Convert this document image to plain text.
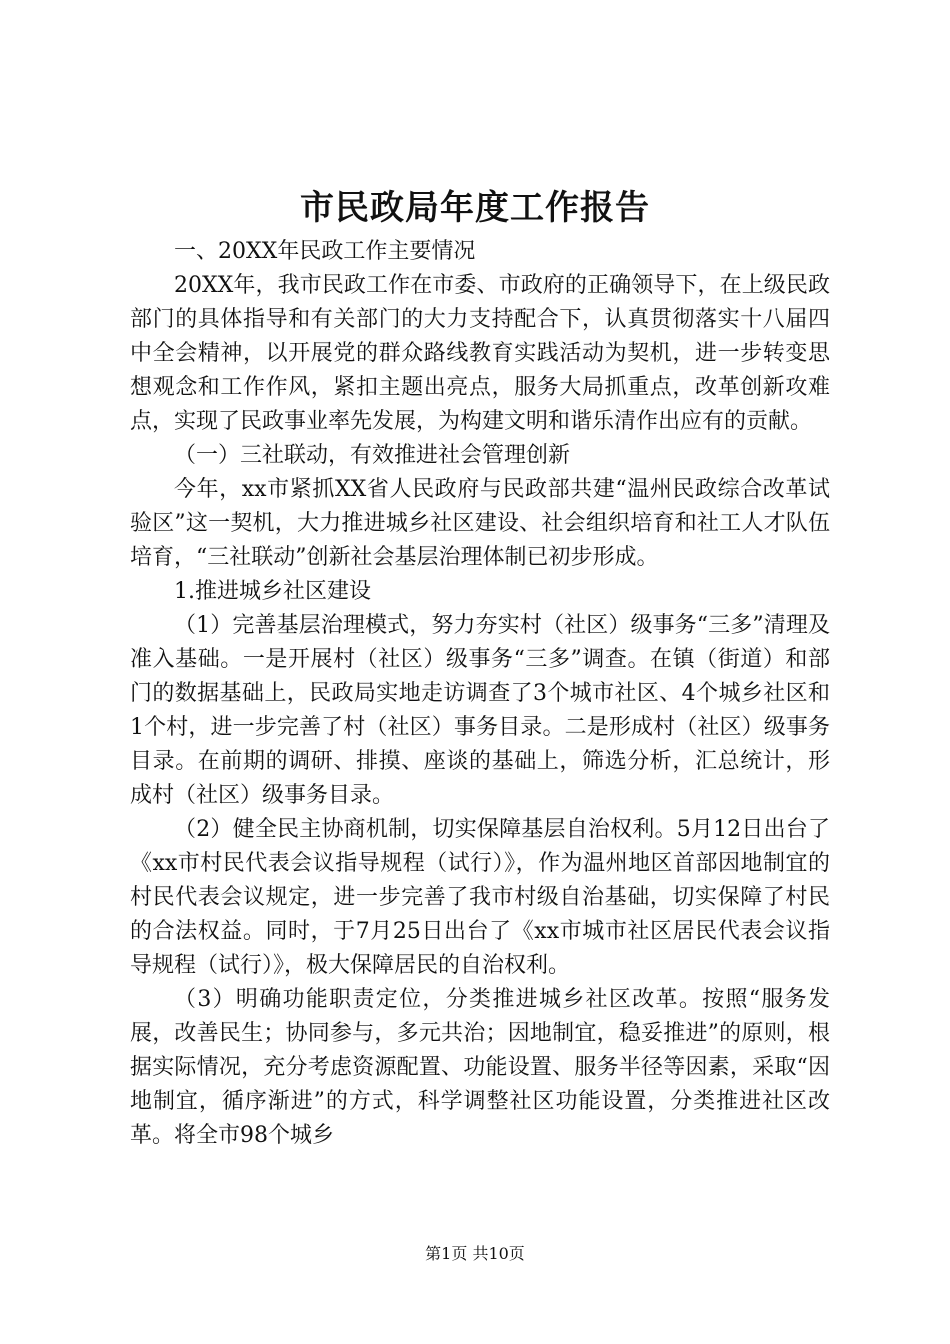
市民政局年度工作报告

一、20XX年民政工作主要情况

20XX年，我市民政工作在市委、市政府的正确领导下，在上级民政部门的具体指导和有关部门的大力支持配合下，认真贯彻落实十八届四中全会精神，以开展党的群众路线教育实践活动为契机，进一步转变思想观念和工作作风，紧扣主题出亮点，服务大局抓重点，改革创新攻难点，实现了民政事业率先发展，为构建文明和谐乐清作出应有的贡献。

（一）三社联动，有效推进社会管理创新

今年，xx市紧抓XX省人民政府与民政部共建“温州民政综合改革试验区”这一契机，大力推进城乡社区建设、社会组织培育和社工人才队伍培育，“三社联动”创新社会基层治理体制已初步形成。

1.推进城乡社区建设

（1）完善基层治理模式，努力夯实村（社区）级事务“三多”清理及准入基础。一是开展村（社区）级事务“三多”调查。在镇（街道）和部门的数据基础上，民政局实地走访调查了3个城市社区、4个城乡社区和1个村，进一步完善了村（社区）事务目录。二是形成村（社区）级事务目录。在前期的调研、排摸、座谈的基础上，筛选分析，汇总统计，形成村（社区）级事务目录。

（2）健全民主协商机制，切实保障基层自治权利。5月12日出台了《xx市村民代表会议指导规程（试行）》，作为温州地区首部因地制宜的村民代表会议规定，进一步完善了我市村级自治基础，切实保障了村民的合法权益。同时，于7月25日出台了《xx市城市社区居民代表会议指导规程（试行）》，极大保障居民的自治权利。

（3）明确功能职责定位，分类推进城乡社区改革。按照“服务发展，改善民生；协同参与，多元共治；因地制宜，稳妥推进”的原则，根据实际情况，充分考虑资源配置、功能设置、服务半径等因素，采取“因地制宜，循序渐进”的方式，科学调整社区功能设置，分类推进社区改革。将全市98个城乡

第1页 共10页
